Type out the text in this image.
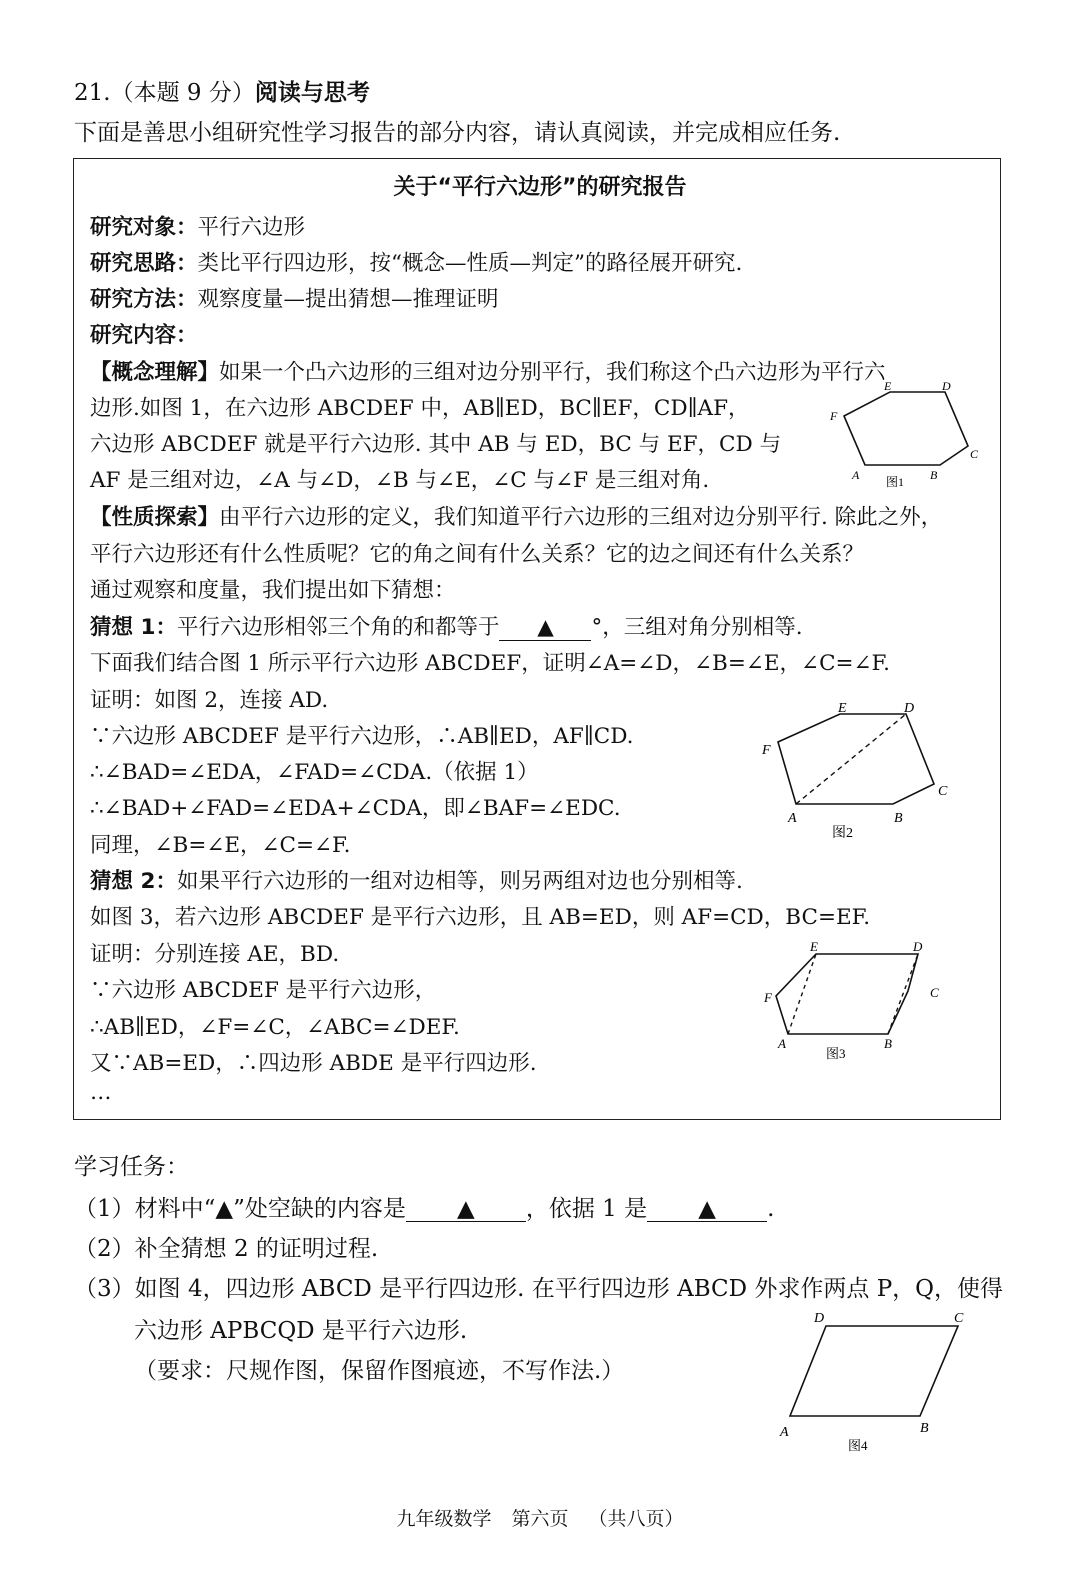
21.（本题 9 分）阅读与思考
下面是善思小组研究性学习报告的部分内容，请认真阅读，并完成相应任务.
关于“平行六边形”的研究报告
研究对象：平行六边形
研究思路：类比平行四边形，按“概念—性质—判定”的路径展开研究.
研究方法：观察度量—提出猜想—推理证明
研究内容：
【概念理解】如果一个凸六边形的三组对边分别平行，我们称这个凸六边形为平行六
边形.如图 1，在六边形 ABCDEF 中，AB∥ED，BC∥EF，CD∥AF，
六边形 ABCDEF 就是平行六边形. 其中 AB 与 ED，BC 与 EF，CD 与
AF 是三组对边，∠A 与∠D，∠B 与∠E，∠C 与∠F 是三组对角.	A	B
C
D
E
F
图1
【性质探索】由平行六边形的定义，我们知道平行六边形的三组对边分别平行. 除此之外，
平行六边形还有什么性质呢？它的角之间有什么关系？它的边之间还有什么关系？
通过观察和度量，我们提出如下猜想：
猜想 1：平行六边形相邻三个角的和都等于 ▲ °，三组对角分别相等.
下面我们结合图 1 所示平行六边形 ABCDEF，证明∠A=∠D，∠B=∠E，∠C=∠F.
证明：如图 2，连接 AD.
∵六边形 ABCDEF 是平行六边形，∴AB∥ED，AF∥CD.
∴∠BAD=∠EDA，∠FAD=∠CDA.（依据 1）
∴∠BAD+∠FAD=∠EDA+∠CDA，即∠BAF=∠EDC.
同理，∠B=∠E，∠C=∠F.
A	B
C
D
E
F
图2
猜想 2：如果平行六边形的一组对边相等，则另两组对边也分别相等.
如图 3，若六边形 ABCDEF 是平行六边形，且 AB=ED，则 AF=CD，BC=EF.
证明：分别连接 AE，BD.
∵六边形 ABCDEF 是平行六边形，
∴AB∥ED，∠F=∠C，∠ABC=∠DEF.
又∵AB=ED，∴四边形 ABDE 是平行四边形.
…
A	B
C
D
E
F
图3
学习任务：
（1）材料中“▲”处空缺的内容是 ▲ ，依据 1 是 ▲ .
（2）补全猜想 2 的证明过程.
（3）如图 4，四边形 ABCD 是平行四边形. 在平行四边形 ABCD 外求作两点 P，Q，使得
六边形 APBCQD 是平行六边形.
（要求：尺规作图，保留作图痕迹，不写作法.）
A	B
C
D
图4
九年级数学 第六页 （共八页）
